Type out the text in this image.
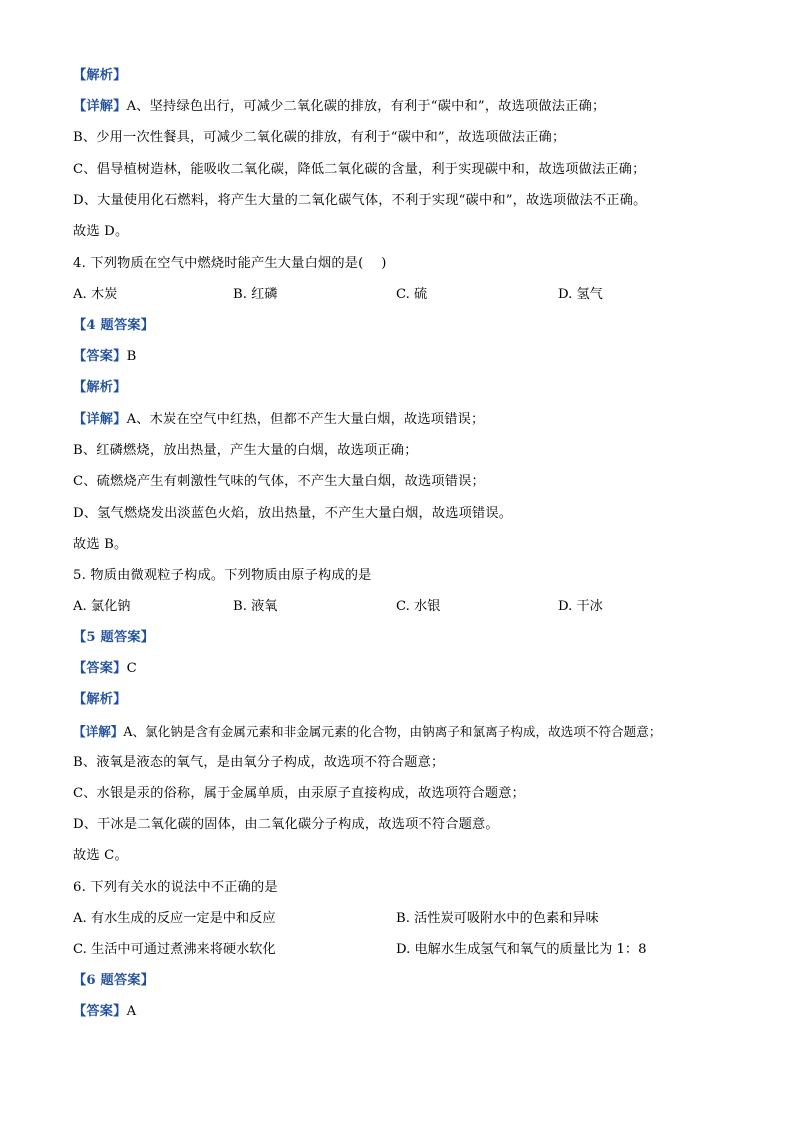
【解析】
【详解】A、坚持绿色出行，可减少二氧化碳的排放，有利于“碳中和”，故选项做法正确；
B、少用一次性餐具，可减少二氧化碳的排放，有利于“碳中和”，故选项做法正确；
C、倡导植树造林，能吸收二氧化碳，降低二氧化碳的含量，利于实现碳中和，故选项做法正确；
D、大量使用化石燃料，将产生大量的二氧化碳气体，不利于实现“碳中和”，故选项做法不正确。
故选 D。
4. 下列物质在空气中燃烧时能产生大量白烟的是(　 )
A. 木炭	B. 红磷	C. 硫	D. 氢气
【4 题答案】
【答案】B
【解析】
【详解】A、木炭在空气中红热，但都不产生大量白烟，故选项错误；
B、红磷燃烧，放出热量，产生大量的白烟，故选项正确；
C、硫燃烧产生有刺激性气味的气体，不产生大量白烟，故选项错误；
D、氢气燃烧发出淡蓝色火焰，放出热量，不产生大量白烟，故选项错误。
故选 B。
5. 物质由微观粒子构成。下列物质由原子构成的是
A. 氯化钠	B. 液氧	C. 水银	D. 干冰
【5 题答案】
【答案】C
【解析】
【详解】A、氯化钠是含有金属元素和非金属元素的化合物，由钠离子和氯离子构成，故选项不符合题意；
B、液氧是液态的氧气，是由氧分子构成，故选项不符合题意；
C、水银是汞的俗称，属于金属单质，由汞原子直接构成，故选项符合题意；
D、干冰是二氧化碳的固体，由二氧化碳分子构成，故选项不符合题意。
故选 C。
6. 下列有关水的说法中不正确的是
A. 有水生成的反应一定是中和反应	B. 活性炭可吸附水中的色素和异味
C. 生活中可通过煮沸来将硬水软化	D. 电解水生成氢气和氧气的质量比为 1：8
【6 题答案】
【答案】A
